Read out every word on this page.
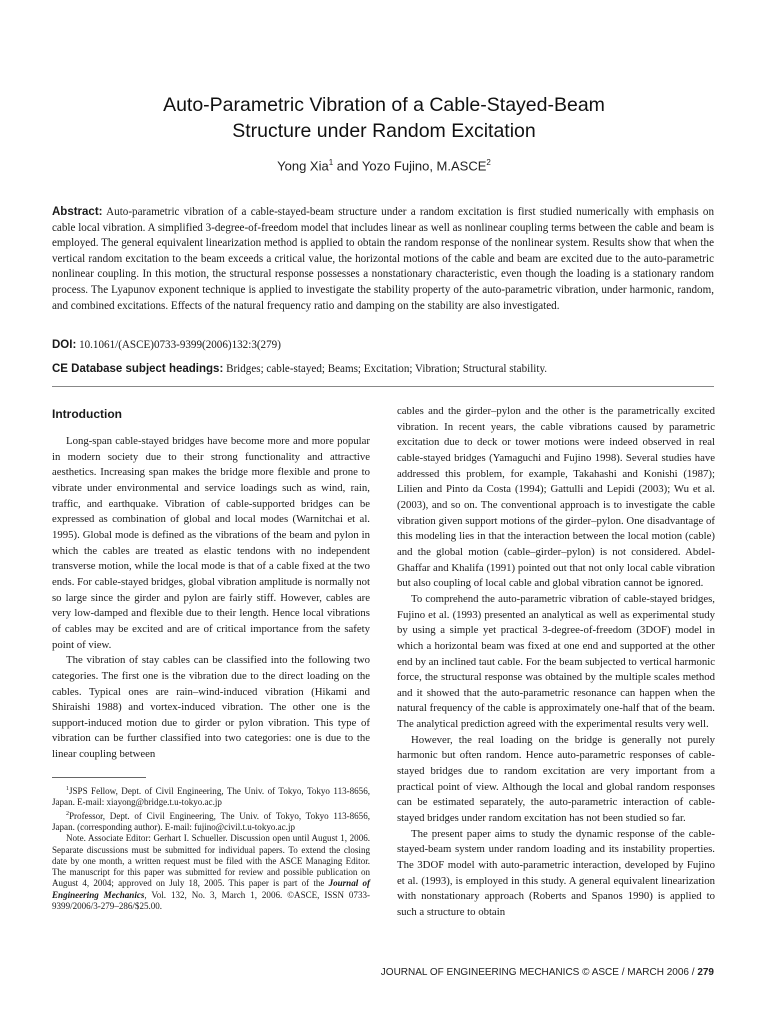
Auto-Parametric Vibration of a Cable-Stayed-Beam
Structure under Random Excitation
Yong Xia$^1$ and Yozo Fujino, M.ASCE$^2$
Abstract: Auto-parametric vibration of a cable-stayed-beam structure under a random excitation is first studied numerically with emphasis on cable local vibration. A simplified 3-degree-of-freedom model that includes linear as well as nonlinear coupling terms between the cable and beam is employed. The general equivalent linearization method is applied to obtain the random response of the nonlinear system. Results show that when the vertical random excitation to the beam exceeds a critical value, the horizontal motions of the cable and beam are excited due to the auto-parametric nonlinear coupling. In this motion, the structural response possesses a nonstationary characteristic, even though the loading is a stationary random process. The Lyapunov exponent technique is applied to investigate the stability property of the auto-parametric vibration, under harmonic, random, and combined excitations. Effects of the natural frequency ratio and damping on the stability are also investigated.
DOI: 10.1061/(ASCE)0733-9399(2006)132:3(279)
CE Database subject headings: Bridges; cable-stayed; Beams; Excitation; Vibration; Structural stability.
Introduction

Long-span cable-stayed bridges have become more and more popular in modern society due to their strong functionality and attractive aesthetics. Increasing span makes the bridge more flexible and prone to vibrate under environmental and service loadings such as wind, rain, traffic, and earthquake. Vibration of cable-supported bridges can be expressed as combination of global and local modes (Warnitchai et al. 1995). Global mode is defined as the vibrations of the beam and pylon in which the cables are treated as elastic tendons with no independent transverse motion, while the local mode is that of a cable fixed at the two ends. For cable-stayed bridges, global vibration amplitude is normally not so large since the girder and pylon are fairly stiff. However, cables are very low-damped and flexible due to their length. Hence local vibrations of cables may be excited and are of critical importance from the safety point of view.

The vibration of stay cables can be classified into the following two categories. The first one is the vibration due to the direct loading on the cables. Typical ones are rain–wind-induced vibration (Hikami and Shiraishi 1988) and vortex-induced vibration. The other one is the support-induced motion due to girder or pylon vibration. This type of vibration can be further classified into two categories: one is due to the linear coupling between

$^1$JSPS Fellow, Dept. of Civil Engineering, The Univ. of Tokyo, Tokyo 113-8656, Japan. E-mail: xiayong@bridge.t.u-tokyo.ac.jp

$^2$Professor, Dept. of Civil Engineering, The Univ. of Tokyo, Tokyo 113-8656, Japan. (corresponding author). E-mail: fujino@civil.t.u-tokyo.ac.jp

Note. Associate Editor: Gerhart I. Schueller. Discussion open until August 1, 2006. Separate discussions must be submitted for individual papers. To extend the closing date by one month, a written request must be filed with the ASCE Managing Editor. The manuscript for this paper was submitted for review and possible publication on August 4, 2004; approved on July 18, 2005. This paper is part of the Journal of Engineering Mechanics, Vol. 132, No. 3, March 1, 2006. ©ASCE, ISSN 0733-9399/2006/3-279–286/$25.00.

cables and the girder–pylon and the other is the parametrically excited vibration. In recent years, the cable vibrations caused by parametric excitation due to deck or tower motions were indeed observed in real cable-stayed bridges (Yamaguchi and Fujino 1998). Several studies have addressed this problem, for example, Takahashi and Konishi (1987); Lilien and Pinto da Costa (1994); Gattulli and Lepidi (2003); Wu et al. (2003), and so on. The conventional approach is to investigate the cable vibration given support motions of the girder–pylon. One disadvantage of this modeling lies in that the interaction between the local motion (cable) and the global motion (cable–girder–pylon) is not considered. Abdel-Ghaffar and Khalifa (1991) pointed out that not only local cable vibration but also coupling of local cable and global vibration cannot be ignored.

To comprehend the auto-parametric vibration of cable-stayed bridges, Fujino et al. (1993) presented an analytical as well as experimental study by using a simple yet practical 3-degree-of-freedom (3DOF) model in which a horizontal beam was fixed at one end and supported at the other end by an inclined taut cable. For the beam subjected to vertical harmonic force, the structural response was obtained by the multiple scales method and it showed that the auto-parametric resonance can happen when the natural frequency of the cable is approximately one-half that of the beam. The analytical prediction agreed with the experimental results very well.

However, the real loading on the bridge is generally not purely harmonic but often random. Hence auto-parametric responses of cable-stayed bridges due to random excitation are very important from a practical point of view. Although the local and global random responses can be estimated separately, the auto-parametric interaction of cable-stayed bridges under random excitation has not been studied so far.

The present paper aims to study the dynamic response of the cable-stayed-beam system under random loading and its instability properties. The 3DOF model with auto-parametric interaction, developed by Fujino et al. (1993), is employed in this study. A general equivalent linearization with nonstationary approach (Roberts and Spanos 1990) is applied to such a structure to obtain

JOURNAL OF ENGINEERING MECHANICS © ASCE / MARCH 2006 / 279
